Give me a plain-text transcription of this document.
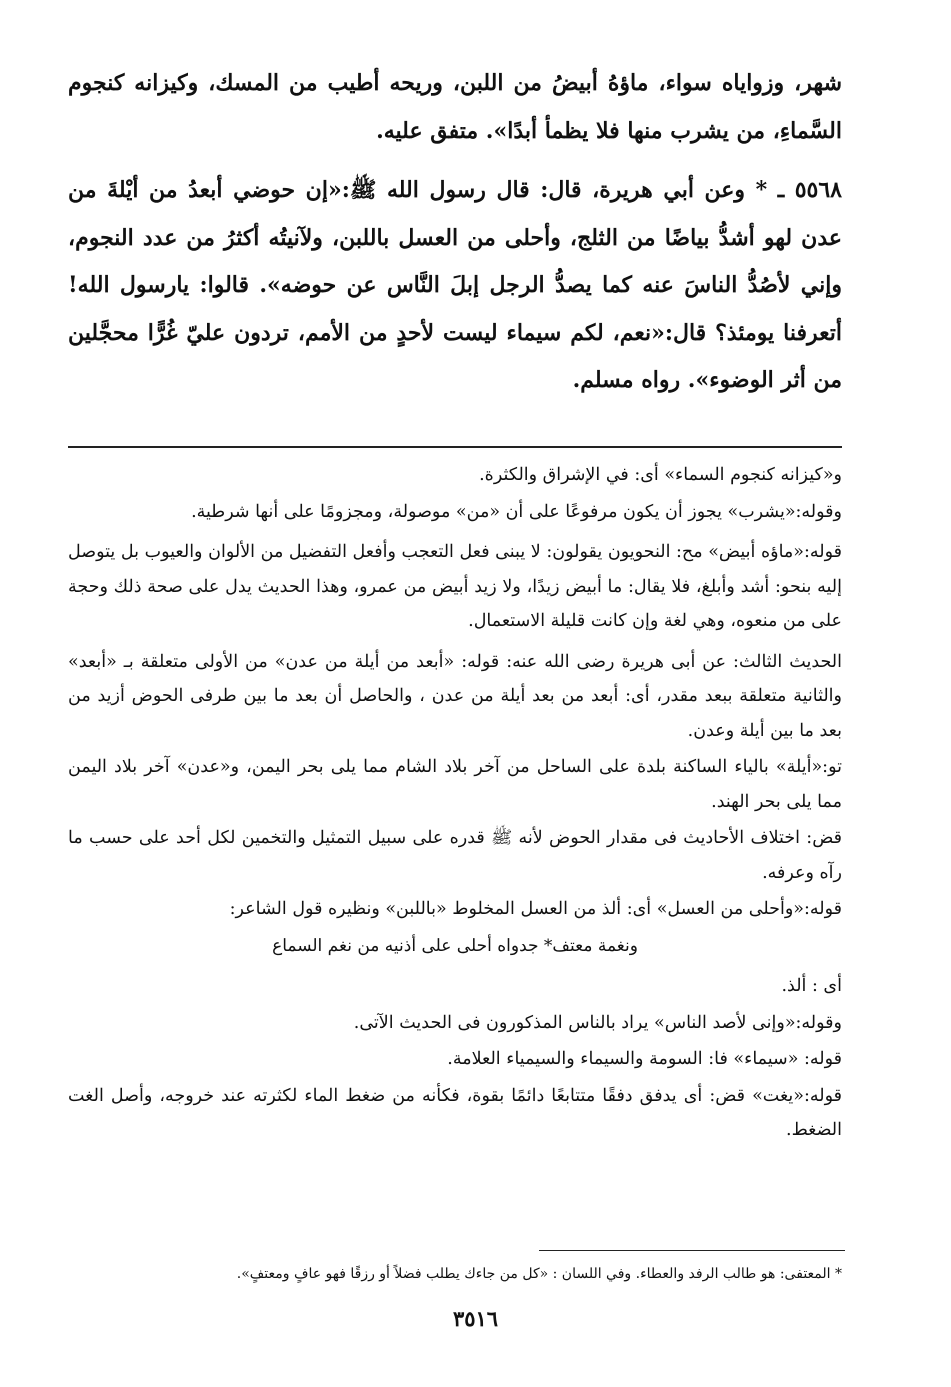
شهر، وزواياه سواء، ماؤهُ أبيضُ من اللبن، وريحه أطيب من المسك، وكيزانه كنجوم السَّماءِ، من يشرب منها فلا يظمأ أبدًا». متفق عليه.

٥٥٦٨ ـ * وعن أبي هريرة، قال: قال رسول الله ﷺ:«إن حوضي أبعدُ من أيْلةَ من عدن لهو أشدُّ بياضًا من الثلج، وأحلى من العسل باللبن، ولآنيتُه أكثرُ من عدد النجوم، وإني لأصُدُّ الناسَ عنه كما يصدُّ الرجل إبلَ النَّاس عن حوضه». قالوا: يارسول الله! أتعرفنا يومئذ؟ قال:«نعم، لكم سيماء ليست لأحدٍ من الأمم، تردون عليّ غُرًّا محجَّلين من أثر الوضوء». رواه مسلم.

و«كيزانه كنجوم السماء» أى: في الإشراق والكثرة.

وقوله:«يشرب» يجوز أن يكون مرفوعًا على أن «من» موصولة، ومجزومًا على أنها شرطية.

قوله:«ماؤه أبيض» مح: النحويون يقولون: لا يبنى فعل التعجب وأفعل التفضيل من الألوان والعيوب بل يتوصل إليه بنحو: أشد وأبلغ، فلا يقال: ما أبيض زيدًا، ولا زيد أبيض من عمرو، وهذا الحديث يدل على صحة ذلك وحجة على من منعوه، وهي لغة وإن كانت قليلة الاستعمال.

الحديث الثالث: عن أبى هريرة رضى الله عنه: قوله: «أبعد من أيلة من عدن» من الأولى متعلقة بـ «أبعد» والثانية متعلقة ببعد مقدر، أى: أبعد من بعد أيلة من عدن ، والحاصل أن بعد ما بين طرفى الحوض أزيد من بعد ما بين أيلة وعدن.

تو:«أيلة» بالياء الساكنة بلدة على الساحل من آخر بلاد الشام مما يلى بحر اليمن، و«عدن» آخر بلاد اليمن مما يلى بحر الهند.

قض: اختلاف الأحاديث فى مقدار الحوض لأنه ﷺ قدره على سبيل التمثيل والتخمين لكل أحد على حسب ما رآه وعرفه.

قوله:«وأحلى من العسل» أى: ألذ من العسل المخلوط «باللبن» ونظيره قول الشاعر:

ونغمة معتف* جدواه أحلى على أذنيه من نغم السماع

أى : ألذ.

وقوله:«وإنى لأصد الناس» يراد بالناس المذكورون فى الحديث الآتى.

قوله: «سيماء» فا: السومة والسيماء والسيمياء العلامة.

قوله:«يغت» قض: أى يدفق دفقًا متتابعًا دائمًا بقوة، فكأنه من ضغط الماء لكثرته عند خروجه، وأصل الغت الضغط.

* المعتفى: هو طالب الرفد والعطاء. وفي اللسان : «كل من جاءك يطلب فضلاً أو رزقًا فهو عافٍ ومعتفٍ».
٣٥١٦
